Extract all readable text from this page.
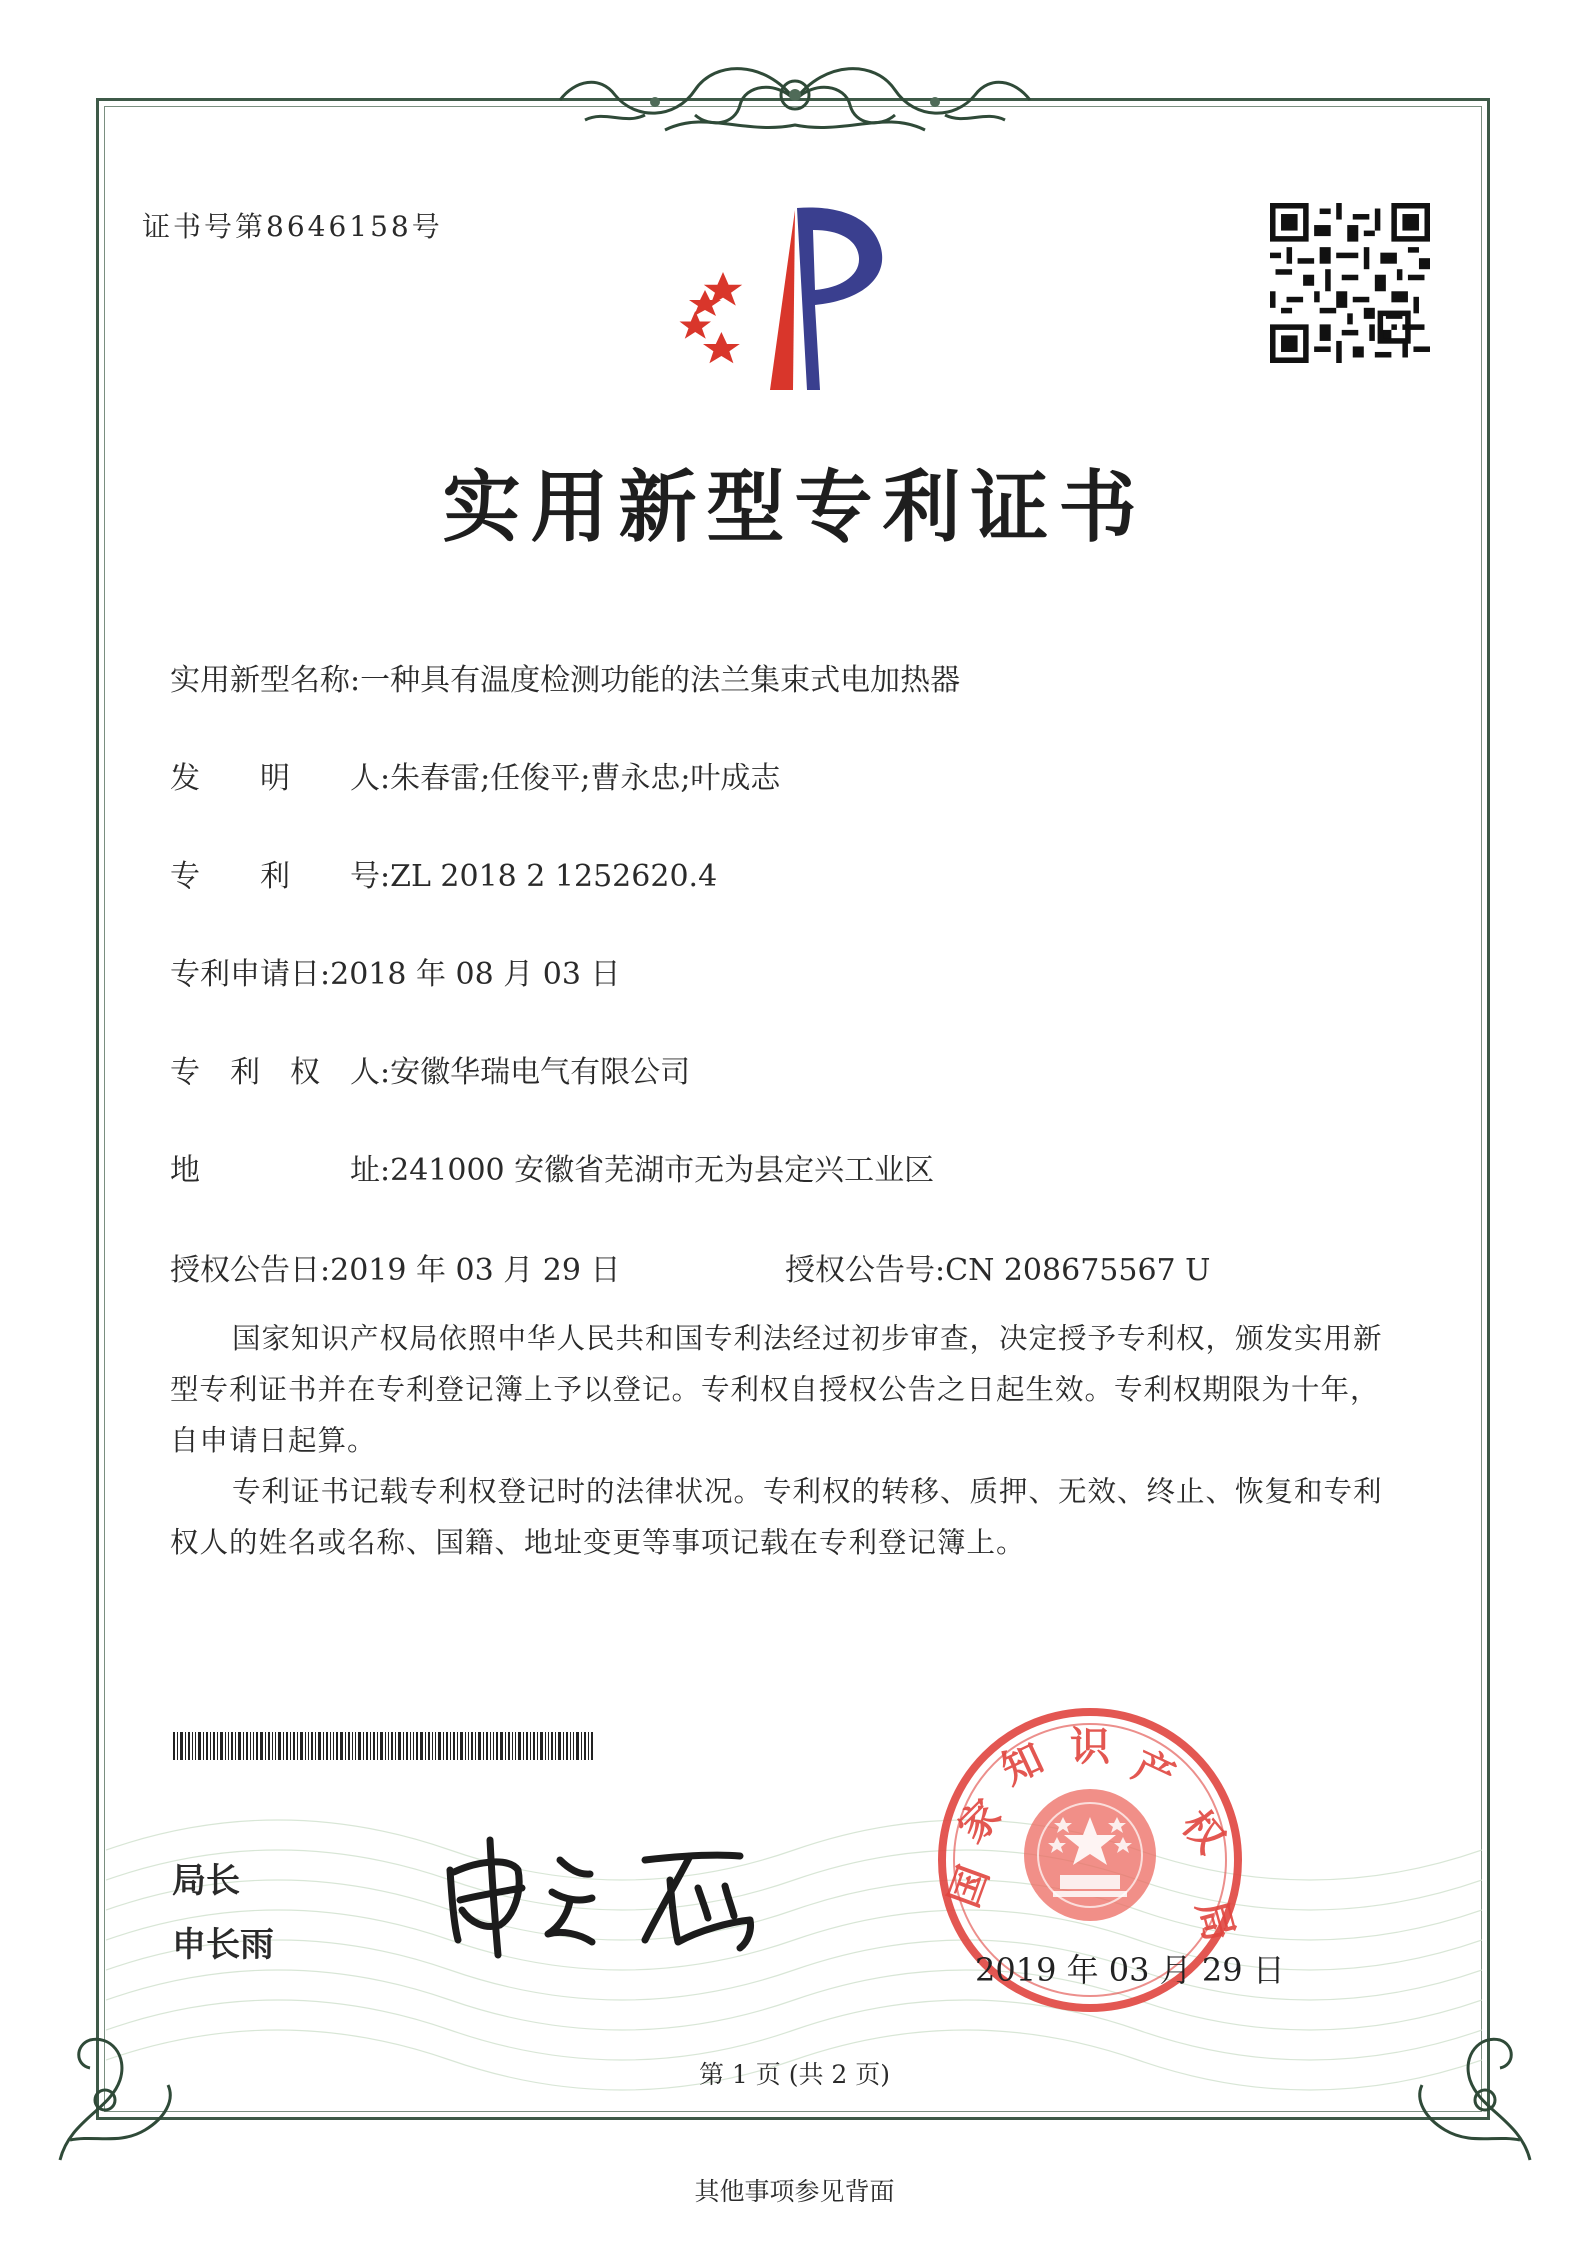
证书号第8646158号
实用新型专利证书
实用新型名称:一种具有温度检测功能的法兰集束式电加热器
发　　明　　人:朱春雷;任俊平;曹永忠;叶成志
专　　利　　号:ZL 2018 2 1252620.4
专利申请日:2018 年 08 月 03 日
专　利　权　人:安徽华瑞电气有限公司
地　　　　　址:241000 安徽省芜湖市无为县定兴工业区
授权公告日:2019 年 03 月 29 日	授权公告号:CN 208675567 U
国家知识产权局依照中华人民共和国专利法经过初步审查，决定授予专利权，颁发实用新型专利证书并在专利登记簿上予以登记。专利权自授权公告之日起生效。专利权期限为十年，自申请日起算。
专利证书记载专利权登记时的法律状况。专利权的转移、质押、无效、终止、恢复和专利权人的姓名或名称、国籍、地址变更等事项记载在专利登记簿上。
局长
申长雨
国
家
知 识 产
权
局
2019 年 03 月 29 日
第 1 页 (共 2 页)
其他事项参见背面
